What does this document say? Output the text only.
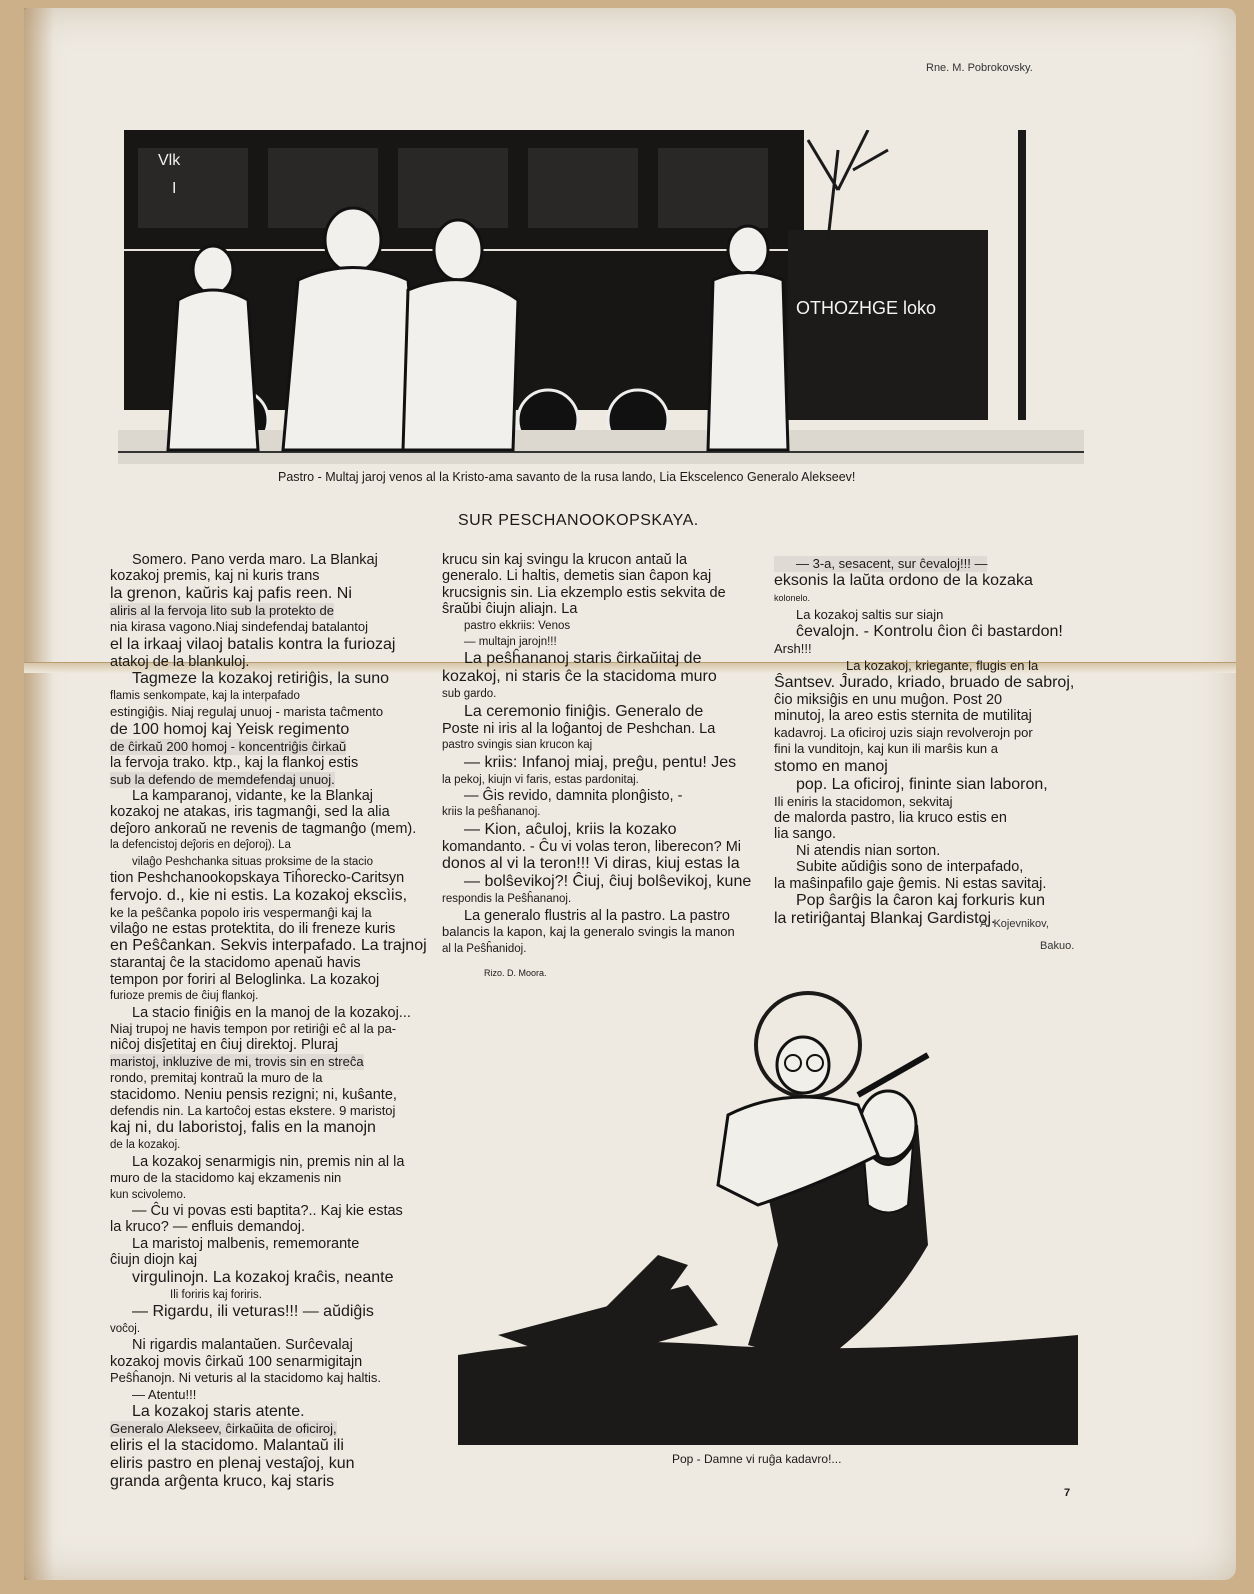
Rne. M. Pobrokovsky.
Vlk
I
OTHOZHGE loko
Pastro - Multaj jaroj venos al la Kristo-ama savanto de la rusa lando, Lia Ekscelenco Generalo Alekseev!
SUR PESCHANOOKOPSKAYA.

Somero. Pano verda maro. La Blankaj

kozakoj premis, kaj ni kuris trans

la grenon, kaŭris kaj pafis reen. Ni

aliris al la fervoja lito sub la protekto de

nia kirasa vagono.Niaj sindefendaj batalantoj

el la irkaaj vilaoj batalis kontra la furiozaj

atakoj de la blankuloj.

Tagmeze la kozakoj retiriĝis, la suno

flamis senkompate, kaj la interpafado

estingiĝis. Niaj regulaj unuoj - marista taĉmento

de 100 homoj kaj Yeisk regimento

de ĉirkaŭ 200 homoj - koncentriĝis ĉirkaŭ

la fervoja trako. ktp., kaj la flankoj estis

sub la defendo de memdefendaj unuoj.

La kamparanoj, vidante, ke la Blankaj

kozakoj ne atakas, iris tagmanĝi, sed la alia

deĵoro ankoraŭ ne revenis de tagmanĝo (mem).

la defencistoj deĵoris en deĵoroj). La

vilaĝo Peshchanka situas proksime de la stacio

tion Peshchanookopskaya Tiĥorecko-Caritsyn

fervojo. d., kie ni estis. La kozakoj ekscìis,

ke la peŝĉanka popolo iris vespermanĝi kaj la

vilaĝo ne estas protektita, do ili freneze kuris

en Peŝĉankan. Sekvis interpafado. La trajnoj

starantaj ĉe la stacidomo apenaŭ havis

tempon por foriri al Beloglinka. La kozakoj

furioze premis de ĉiuj flankoj.

La stacio finiĝis en la manoj de la kozakoj...

Niaj trupoj ne havis tempon por retiriĝi eĉ al la pa-

niĉoj disĵetitaj en ĉiuj direktoj. Pluraj

maristoj, inkluzive de mi, trovis sin en streĉa

rondo, premitaj kontraŭ la muro de la

stacidomo. Neniu pensis rezigni; ni, kuŝante,

defendis nin. La kartoĉoj estas ekstere. 9 maristoj

kaj ni, du laboristoj, falis en la manojn

de la kozakoj.

La kozakoj senarmigis nin, premis nin al la

muro de la stacidomo kaj ekzamenis nin

kun scivolemo.

— Ĉu vi povas esti baptita?.. Kaj kie estas

la kruco? — enfluis demandoj.

La maristoj malbenis, rememorante

ĉiujn diojn kaj

virgulinojn. La kozakoj kraĉis, neante

Ili foriris kaj foriris.

— Rigardu, ili veturas!!! — aŭdiĝis

voĉoj.

Ni rigardis malantaŭen. Surĉevalaj

kozakoj movis ĉirkaŭ 100 senarmigitajn

Peŝĥanojn. Ni veturis al la stacidomo kaj haltis.

— Atentu!!!

La kozakoj staris atente.

Generalo Alekseev, ĉirkaŭita de oficiroj,

eliris el la stacidomo. Malantaŭ ili

eliris pastro en plenaj vestaĵoj, kun

granda arĝenta kruco, kaj staris

krucu sin kaj svingu la krucon antaŭ la

generalo. Li haltis, demetis sian ĉapon kaj

krucsignis sin. Lia ekzemplo estis sekvita de

ŝraŭbi ĉiujn aliajn. La

pastro ekkriis: Venos

— multajn jarojn!!!

La peŝĥananoj staris ĉirkaŭitaj de

kozakoj, ni staris ĉe la stacidoma muro

sub gardo.

La ceremonio finiĝis. Generalo de

Poste ni iris al la loĝantoj de Peshchan. La

pastro svingis sian krucon kaj

— kriis: Infanoj miaj, preĝu, pentu! Jes

la pekoj, kiujn vi faris, estas pardonitaj.

— Ĝis revido, damnita plonĝisto, -

kriis la peŝĥananoj.

— Kion, aĉuloj, kriis la kozako

komandanto. - Ĉu vi volas teron, liberecon? Mi

donos al vi la teron!!! Vi diras, kiuj estas la

— bolŝevikoj?! Ĉiuj, ĉiuj bolŝevikoj, kune

respondis la Peŝĥananoj.

La generalo flustris al la pastro. La pastro

balancis la kapon, kaj la generalo svingis la manon

al la Peŝĥanidoj.

— 3-a, sesacent, sur ĉevaloj!!! —

eksonis la laŭta ordono de la kozaka

kolonelo.

La kozakoj saltis sur siajn

ĉevalojn. - Kontrolu ĉion ĉi bastardon!

Arsh!!!

La kozakoj, kriegante, flugis en la

Ŝantsev. Ĵurado, kriado, bruado de sabroj,

ĉio miksiĝis en unu muĝon. Post 20

minutoj, la areo estis sternita de mutilitaj

kadavroj. La oficiroj uzis siajn revolverojn por

fini la vunditojn, kaj kun ili marŝis kun a

stomo en manoj

pop. La oficiroj, fininte sian laboron,

Ili eniris la stacidomon, sekvitaj

de malorda pastro, lia kruco estis en

lia sango.

Ni atendis nian sorton.

Subite aŭdiĝis sono de interpafado,

la maŝinpafilo gaje ĝemis. Ni estas savitaj.

Pop ŝarĝis la ĉaron kaj forkuris kun

la retiriĝantaj Blankaj Gardistoj.

A. Kojevnikov,
Bakuo.
Rizo. D. Moora.
Pop - Damne vi ruĝa kadavro!...
7
